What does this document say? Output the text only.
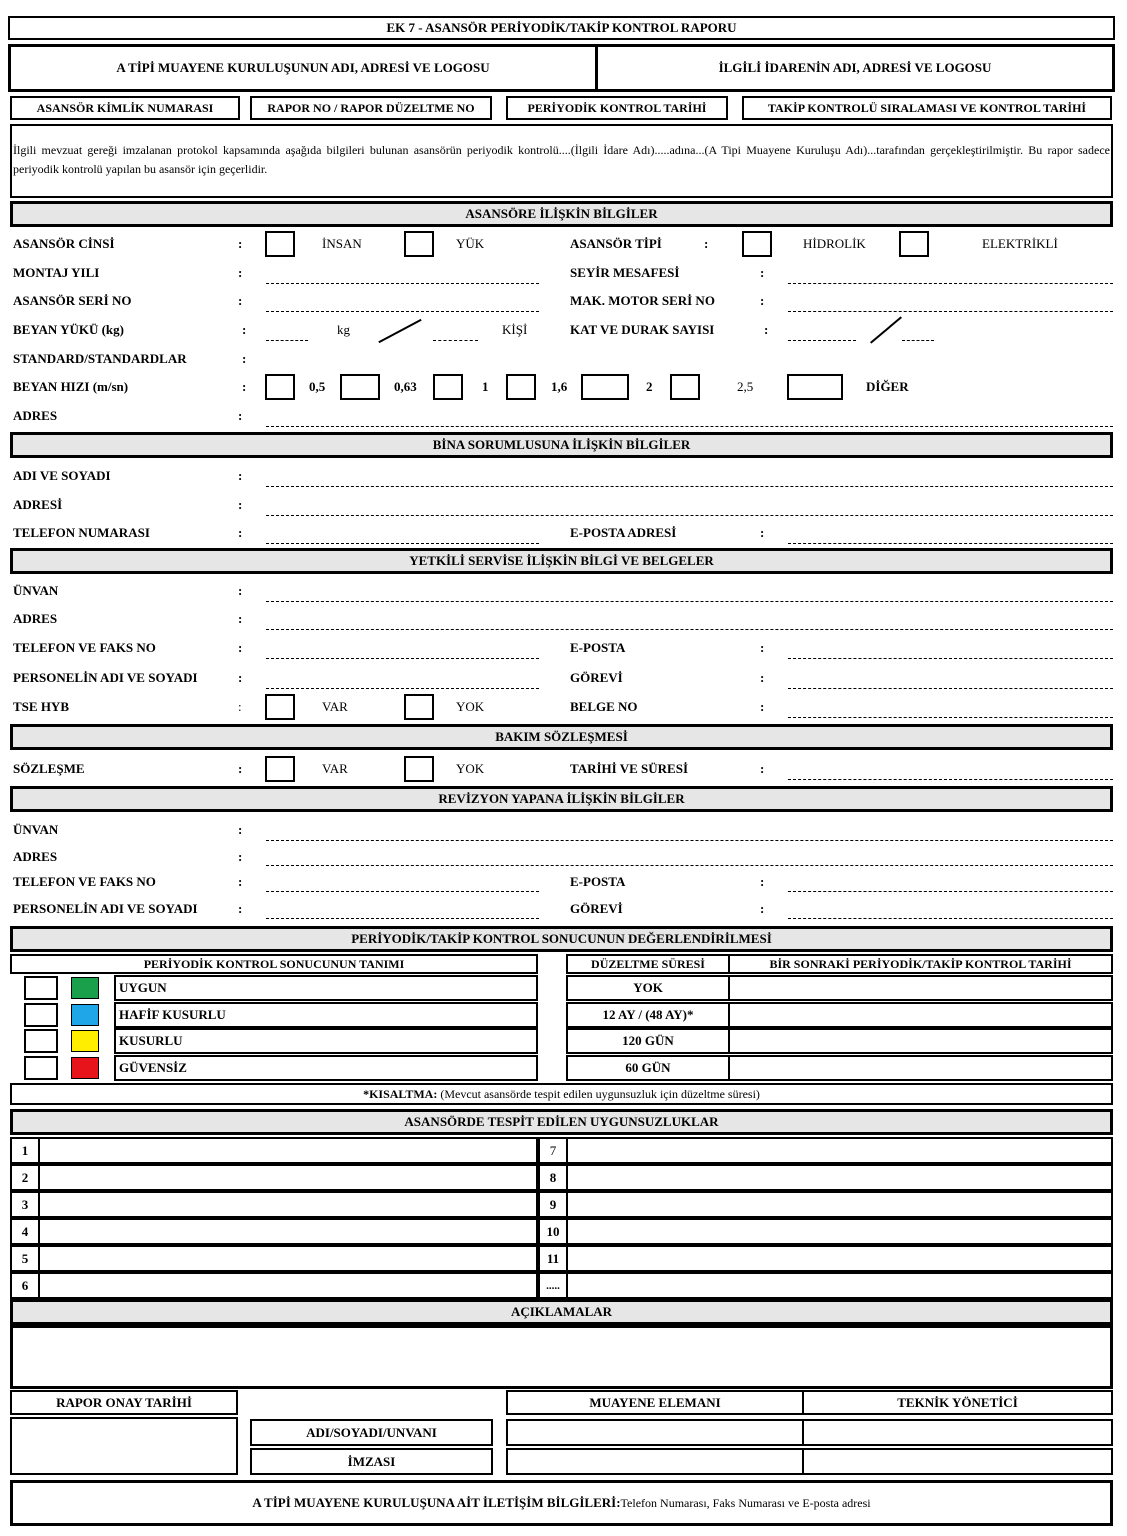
EK 7 - ASANSÖR PERİYODİK/TAKİP KONTROL RAPORU
A TİPİ MUAYENE KURULUŞUNUN ADI, ADRESİ VE LOGOSU	İLGİLİ İDARENİN ADI, ADRESİ VE LOGOSU
ASANSÖR KİMLİK NUMARASI	RAPOR NO / RAPOR DÜZELTME NO	PERİYODİK KONTROL TARİHİ	TAKİP KONTROLÜ SIRALAMASI VE KONTROL TARİHİ
İlgili mevzuat gereği imzalanan protokol kapsamında aşağıda bilgileri bulunan asansörün periyodik kontrolü....(İlgili İdare Adı).....adına...(A Tipi Muayene Kuruluşu Adı)...tarafından gerçekleştirilmiştir. Bu rapor sadece periyodik kontrolü yapılan bu asansör için geçerlidir.
ASANSÖRE İLİŞKİN BİLGİLER
ASANSÖR CİNSİ	:	İNSAN	YÜK	ASANSÖR TİPİ	:	HİDROLİK	ELEKTRİKLİ
MONTAJ YILI	:	SEYİR MESAFESİ	:
ASANSÖR SERİ NO	:	MAK. MOTOR SERİ NO	:
BEYAN YÜKÜ (kg)	:	kg	KİŞİ	KAT VE DURAK SAYISI	:
STANDARD/STANDARDLAR	:
BEYAN HIZI (m/sn)	:	0,5	0,63	1	1,6	2	2,5	DİĞER
ADRES	:
BİNA SORUMLUSUNA İLİŞKİN BİLGİLER
ADI VE SOYADI	:
ADRESİ	:
TELEFON NUMARASI	:	E-POSTA ADRESİ	:
YETKİLİ SERVİSE İLİŞKİN BİLGİ VE BELGELER
ÜNVAN	:
ADRES	:
TELEFON VE FAKS NO	:	E-POSTA	:
PERSONELİN ADI VE SOYADI	:	GÖREVİ	:
TSE HYB	:	VAR	YOK	BELGE NO	:
BAKIM SÖZLEŞMESİ
SÖZLEŞME	:	VAR	YOK	TARİHİ VE SÜRESİ	:
REVİZYON YAPANA İLİŞKİN BİLGİLER
ÜNVAN	:
ADRES	:
TELEFON VE FAKS NO	:	E-POSTA	:
PERSONELİN ADI VE SOYADI	:	GÖREVİ	:
PERİYODİK/TAKİP KONTROL SONUCUNUN DEĞERLENDİRİLMESİ
PERİYODİK KONTROL SONUCUNUN TANIMI	DÜZELTME SÜRESİ	BİR SONRAKİ PERİYODİK/TAKİP KONTROL TARİHİ
UYGUN	YOK
HAFİF KUSURLU	12 AY / (48 AY)*
KUSURLU	120 GÜN
GÜVENSİZ	60 GÜN
*KISALTMA:
(Mevcut asansörde tespit edilen uygunsuzluk için düzeltme süresi)
ASANSÖRDE TESPİT EDİLEN UYGUNSUZLUKLAR
1	7
2	8
3	9
4	10
5	11
6	.....
AÇIKLAMALAR
RAPOR ONAY TARİHİ	MUAYENE ELEMANI	TEKNİK YÖNETİCİ
ADI/SOYADI/UNVANI
İMZASI
A TİPİ MUAYENE KURULUŞUNA AİT İLETİŞİM BİLGİLERİ: Telefon Numarası, Faks Numarası ve E-posta adresi
